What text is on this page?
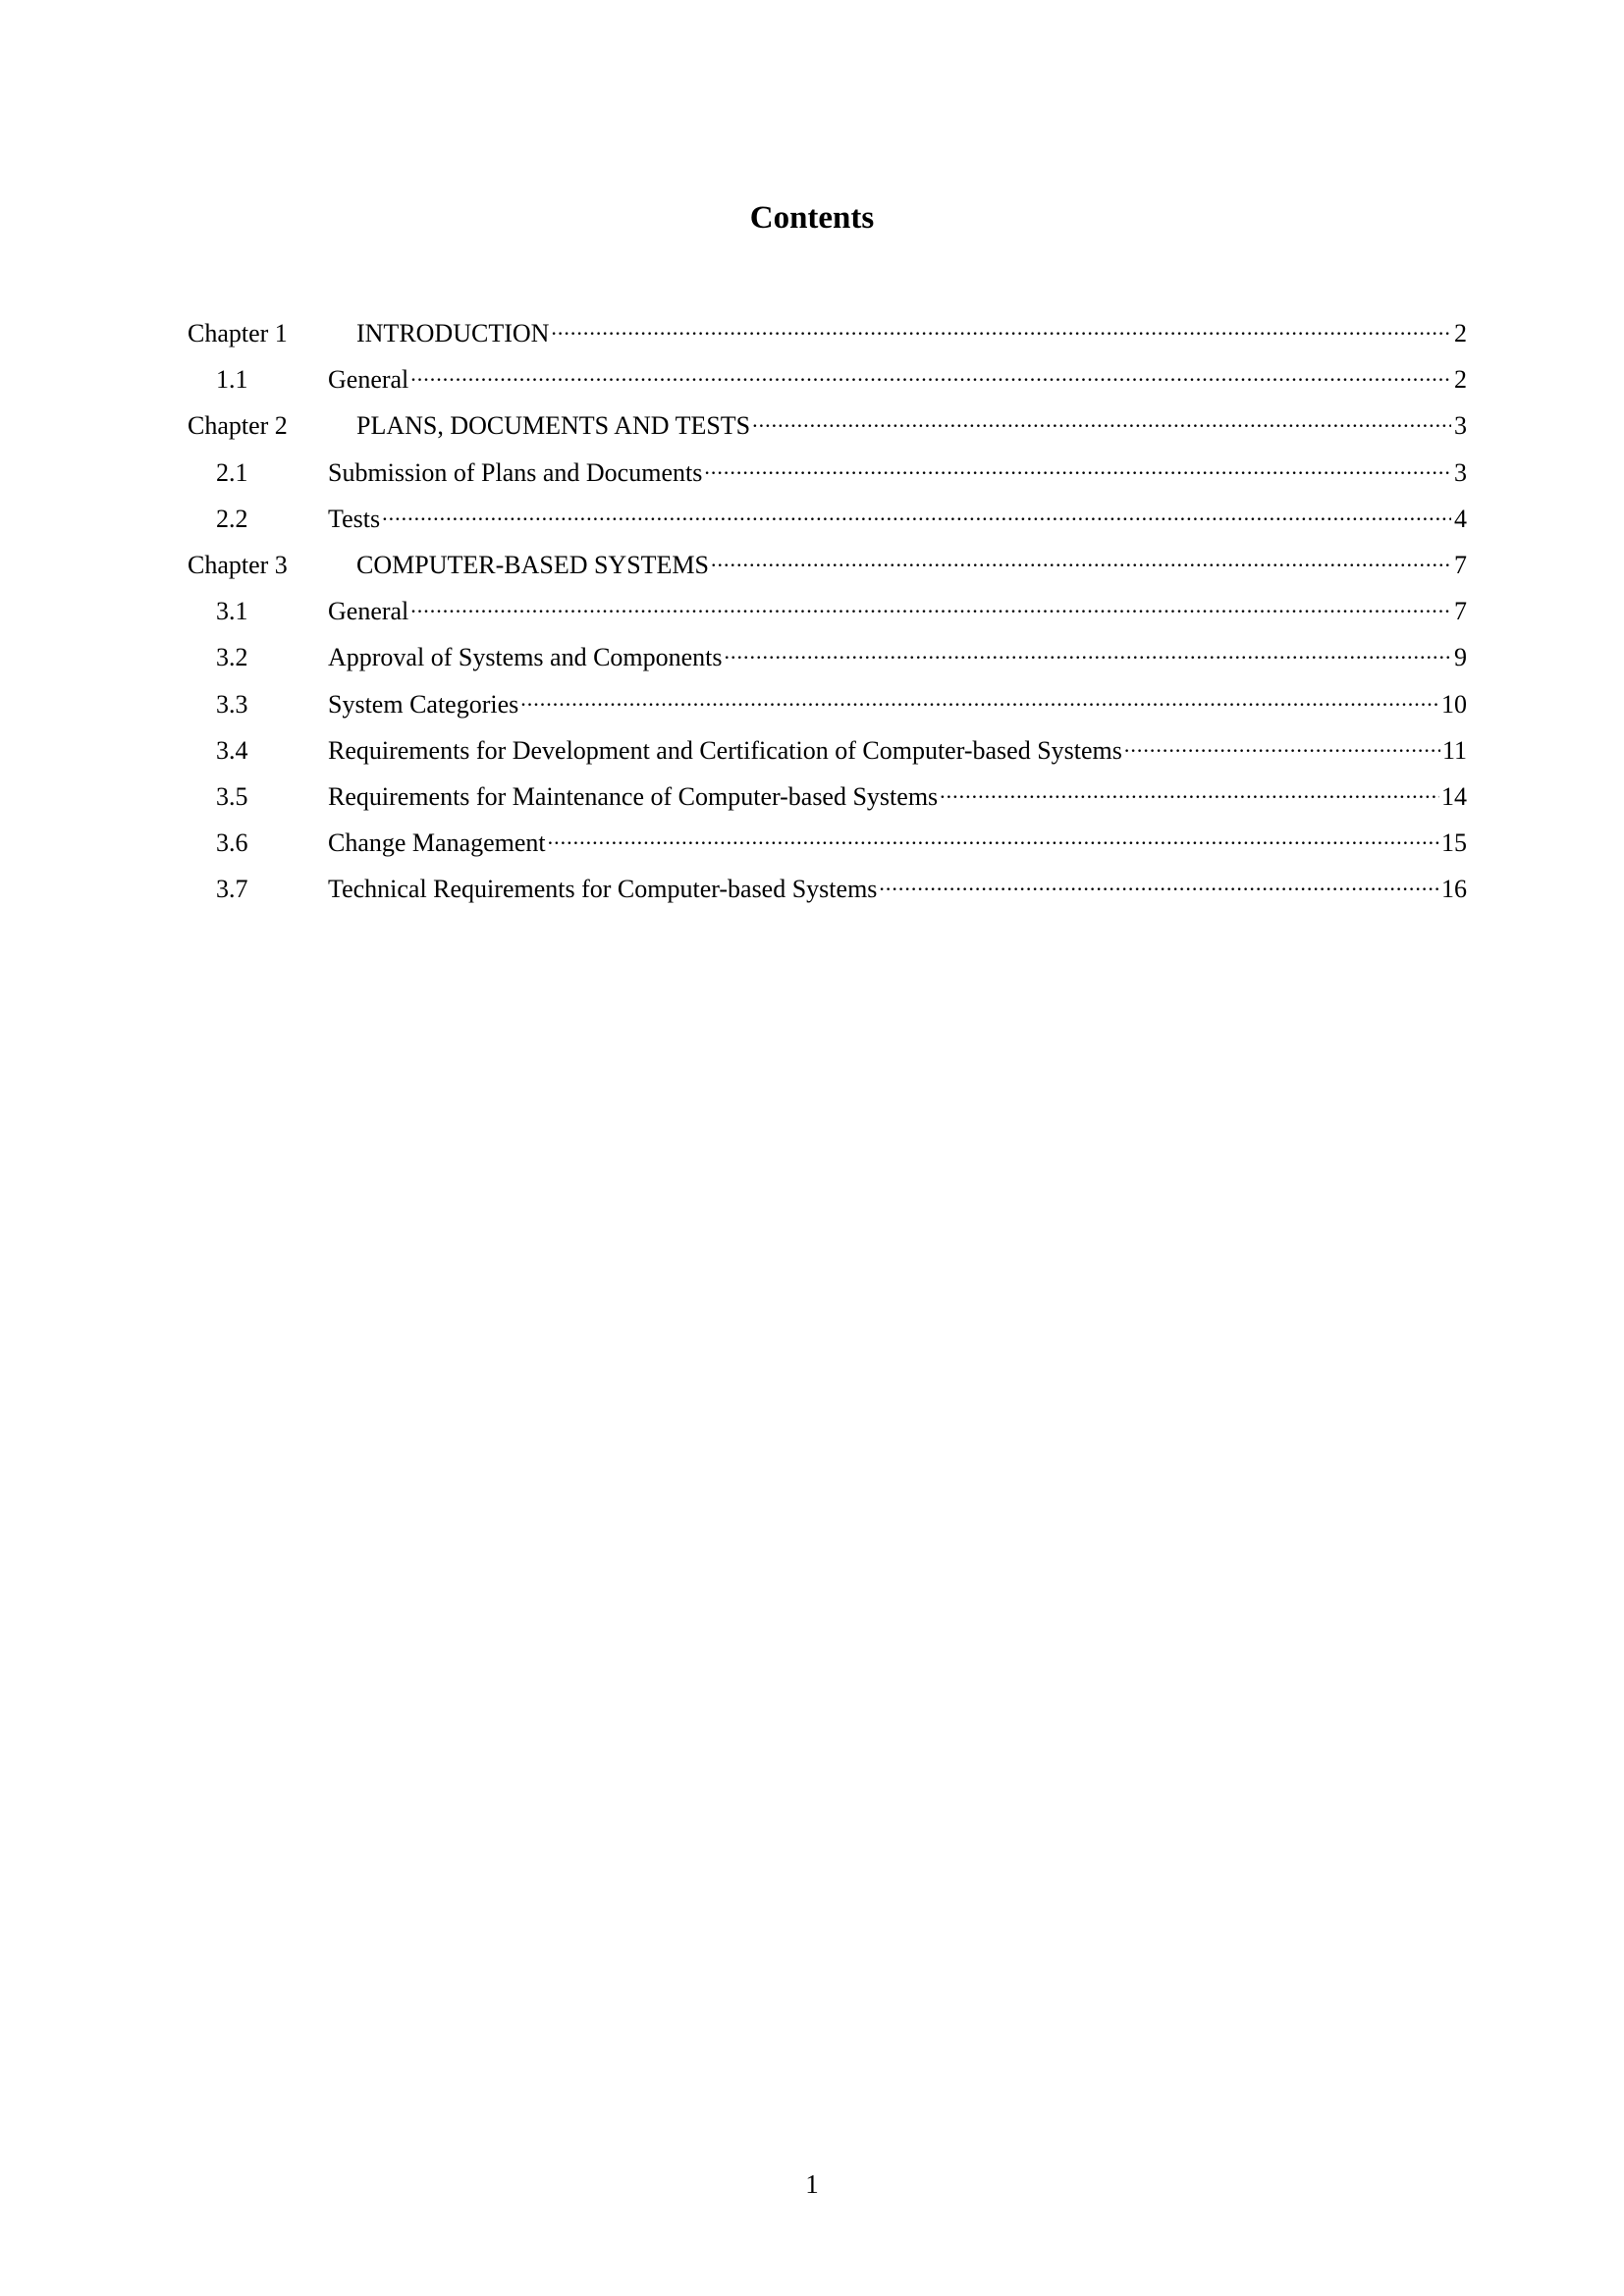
Contents
Chapter 1	INTRODUCTION .....	2
1.1	General .....	2
Chapter 2	PLANS, DOCUMENTS AND TESTS .....	3
2.1	Submission of Plans and Documents .....	3
2.2	Tests .....	4
Chapter 3	COMPUTER-BASED SYSTEMS .....	7
3.1	General .....	7
3.2	Approval of Systems and Components .....	9
3.3	System Categories .....	10
3.4	Requirements for Development and Certification of Computer-based Systems .....	11
3.5	Requirements for Maintenance of Computer-based Systems .....	14
3.6	Change Management .....	15
3.7	Technical Requirements for Computer-based Systems .....	16
1
